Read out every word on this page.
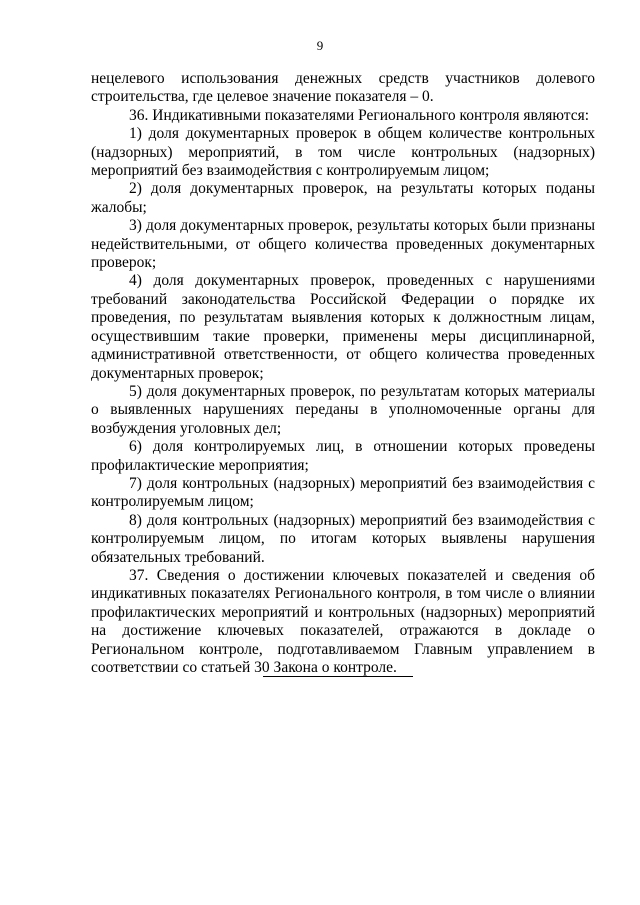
9

нецелевого использования денежных средств участников долевого строительства, где целевое значение показателя – 0.

36. Индикативными показателями Регионального контроля являются:

1) доля документарных проверок в общем количестве контрольных (надзорных) мероприятий, в том числе контрольных (надзорных) мероприятий без взаимодействия с контролируемым лицом;

2) доля документарных проверок, на результаты которых поданы жалобы;

3) доля документарных проверок, результаты которых были признаны недействительными, от общего количества проведенных документарных проверок;

4) доля документарных проверок, проведенных с нарушениями требований законодательства Российской Федерации о порядке их проведения, по результатам выявления которых к должностным лицам, осуществившим такие проверки, применены меры дисциплинарной, административной ответственности, от общего количества проведенных документарных проверок;

5) доля документарных проверок, по результатам которых материалы о выявленных нарушениях переданы в уполномоченные органы для возбуждения уголовных дел;

6) доля контролируемых лиц, в отношении которых проведены профилактические мероприятия;

7) доля контрольных (надзорных) мероприятий без взаимодействия с контролируемым лицом;

8) доля контрольных (надзорных) мероприятий без взаимодействия с контролируемым лицом, по итогам которых выявлены нарушения обязательных требований.

37. Сведения о достижении ключевых показателей и сведения об индикативных показателях Регионального контроля, в том числе о влиянии профилактических мероприятий и контрольных (надзорных) мероприятий на достижение ключевых показателей, отражаются в докладе о Региональном контроле, подготавливаемом Главным управлением в соответствии со статьей 30 Закона о контроле.
